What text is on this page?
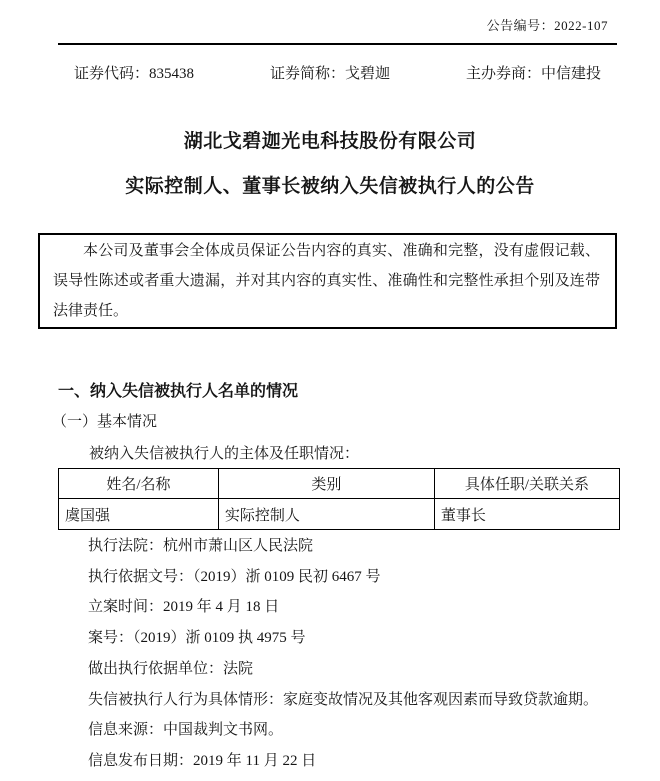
公告编号：2022-107
证券代码：835438	证券简称：戈碧迦	主办券商：中信建投
湖北戈碧迦光电科技股份有限公司
实际控制人、董事长被纳入失信被执行人的公告

本公司及董事会全体成员保证公告内容的真实、准确和完整，没有虚假记载、误导性陈述或者重大遗漏，并对其内容的真实性、准确性和完整性承担个别及连带法律责任。

一、纳入失信被执行人名单的情况
（一）基本情况
被纳入失信被执行人的主体及任职情况：
姓名/名称	类别	具体任职/关联关系
虞国强	实际控制人	董事长

执行法院：杭州市萧山区人民法院

执行依据文号：（2019）浙 0109 民初 6467 号

立案时间：2019 年 4 月 18 日

案号：（2019）浙 0109 执 4975 号

做出执行依据单位：法院

失信被执行人行为具体情形：家庭变故情况及其他客观因素而导致贷款逾期。

信息来源：中国裁判文书网。

信息发布日期：2019 年 11 月 22 日
